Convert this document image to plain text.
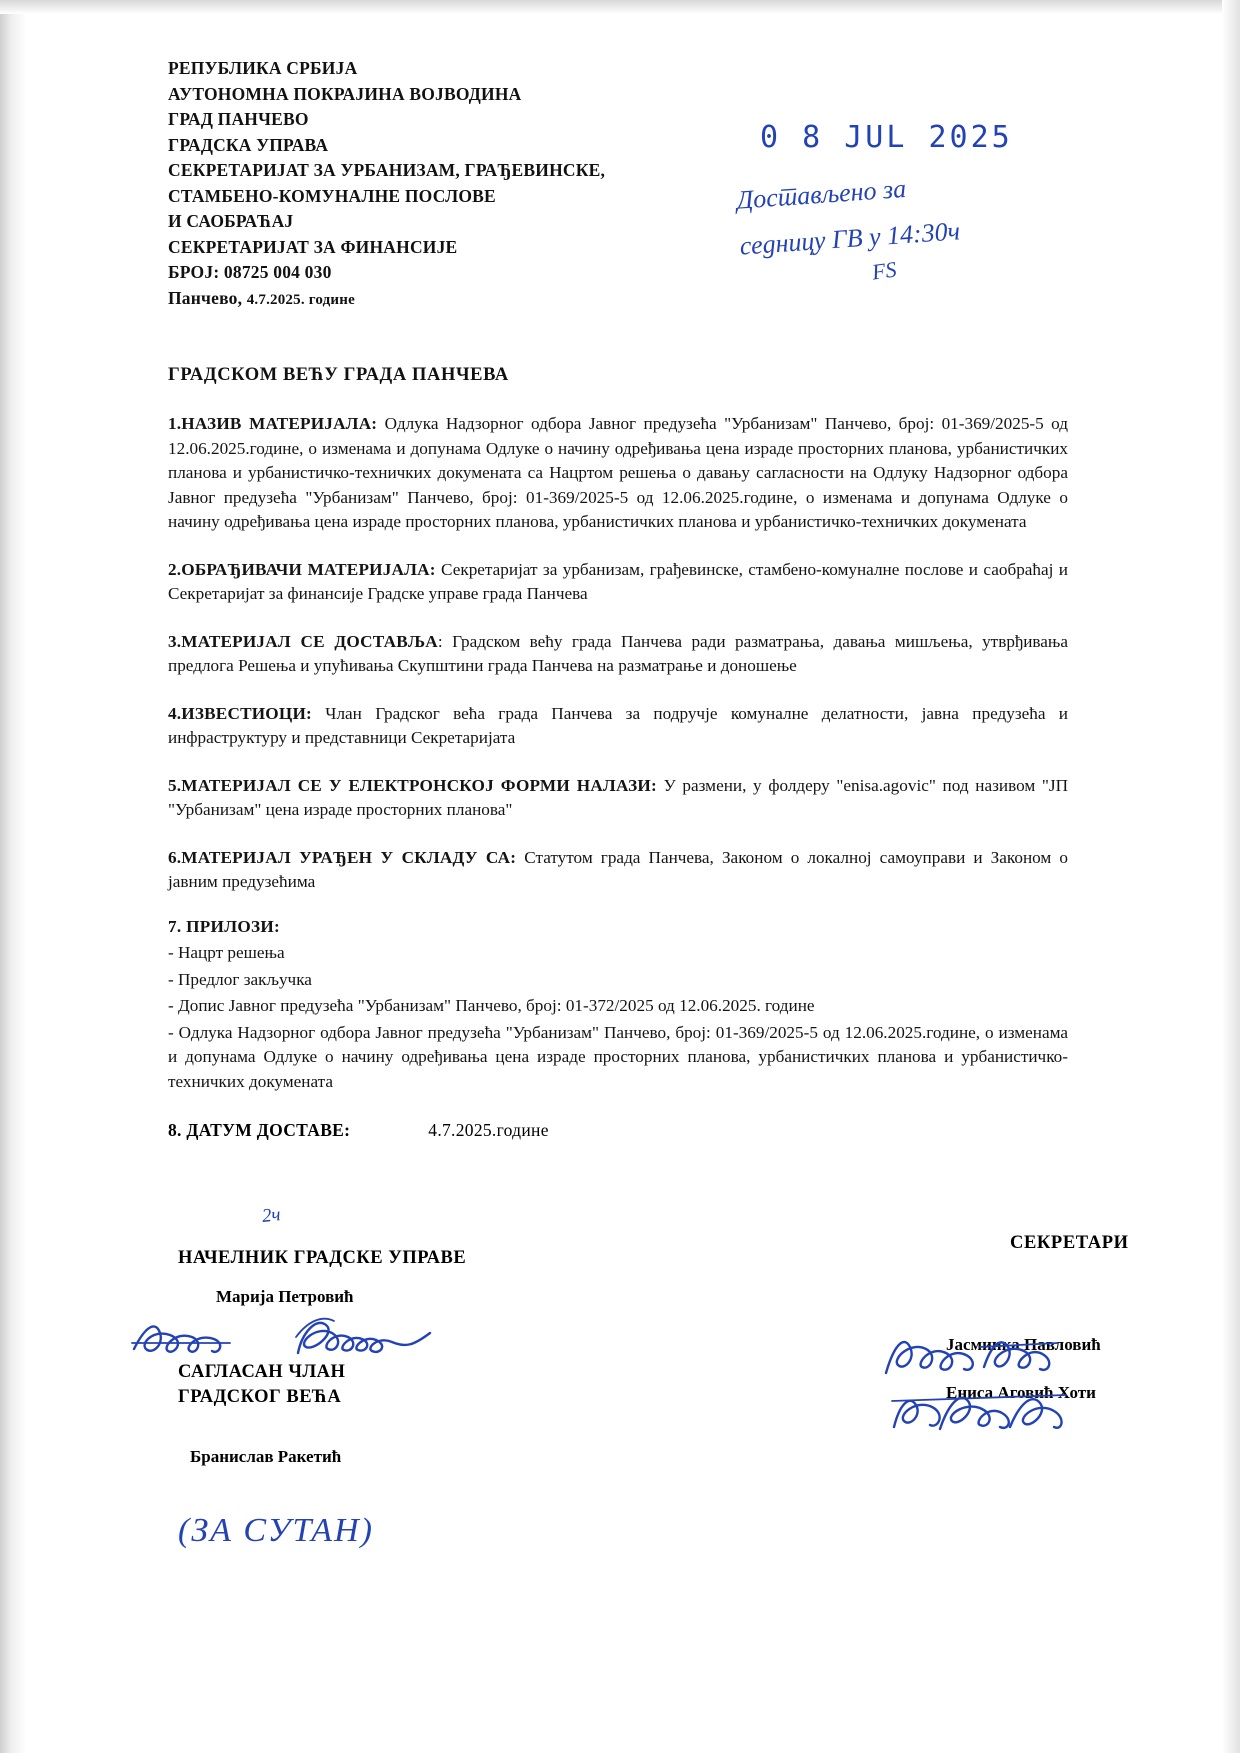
РЕПУБЛИКА СРБИЈА
АУТОНОМНА ПОКРАЈИНА ВОЈВОДИНА
ГРАД ПАНЧЕВО
ГРАДСКА УПРАВА
СЕКРЕТАРИЈАТ ЗА УРБАНИЗАМ, ГРАЂЕВИНСКЕ,
СТАМБЕНО-КОМУНАЛНЕ ПОСЛОВЕ
И САОБРАЋАЈ
СЕКРЕТАРИЈАТ ЗА ФИНАНСИЈЕ
БРОЈ: 08725 004 030
Панчево, 4.7.2025. године
ГРАДСКОМ ВЕЋУ ГРАДА ПАНЧЕВА
1.НАЗИВ МАТЕРИЈАЛА: Одлука Надзорног одбора Јавног предузећа "Урбанизам" Панчево, број: 01-369/2025-5 од 12.06.2025.године, о изменама и допунама Одлуке о начину одређивања цена израде просторних планова, урбанистичких планова и урбанистичко-техничких докумената са Нацртом решења о давању сагласности на Одлуку Надзорног одбора Јавног предузећа "Урбанизам" Панчево, број: 01-369/2025-5 од 12.06.2025.године, о изменама и допунама Одлуке о начину одређивања цена израде просторних планова, урбанистичких планова и урбанистичко-техничких докумената
2.ОБРАЂИВАЧИ МАТЕРИЈАЛА: Секретаријат за урбанизам, грађевинске, стамбено-комуналне послове и саобраћај и Секретаријат за финансије Градске управе града Панчева
3.МАТЕРИЈАЛ СЕ ДОСТАВЉА: Градском већу града Панчева ради разматрања, давања мишљења, утврђивања предлога Решења и упућивања Скупштини града Панчева на разматрање и доношење
4.ИЗВЕСТИОЦИ: Члан Градског већа града Панчева за подручје комуналне делатности, јавна предузећа и инфраструктуру и представници Секретаријата
5.МАТЕРИЈАЛ СЕ У ЕЛЕКТРОНСКОЈ ФОРМИ НАЛАЗИ: У размени, у фолдеру "enisa.agovic" под називом "ЈП "Урбанизам" цена израде просторних планова"
6.МАТЕРИЈАЛ УРАЂЕН У СКЛАДУ СА: Статутом града Панчева, Законом о локалној самоуправи и Законом о јавним предузећима
7. ПРИЛОЗИ:
- Нацрт решења
- Предлог закључка
- Допис Јавног предузећа "Урбанизам" Панчево, број: 01-372/2025 од 12.06.2025. године
- Одлука Надзорног одбора Јавног предузећа "Урбанизам" Панчево, број: 01-369/2025-5 од 12.06.2025.године, о изменама и допунама Одлуке о начину одређивања цена израде просторних планова, урбанистичких планова и урбанистичко-техничких докумената
8. ДАТУМ ДОСТАВЕ:	4.7.2025.године
0 8 JUL 2025
Достављено за
седницу ГВ у 14:30ч
FS
2ч
НАЧЕЛНИК ГРАДСКЕ УПРАВЕ
Марија Петровић
САГЛАСАН ЧЛАН
ГРАДСКОГ ВЕЋА
Бранислав Ракетић
СЕКРЕТАРИ
Јасминка Павловић
Ениса Аговић Хоти
(ЗА СУТАН)
